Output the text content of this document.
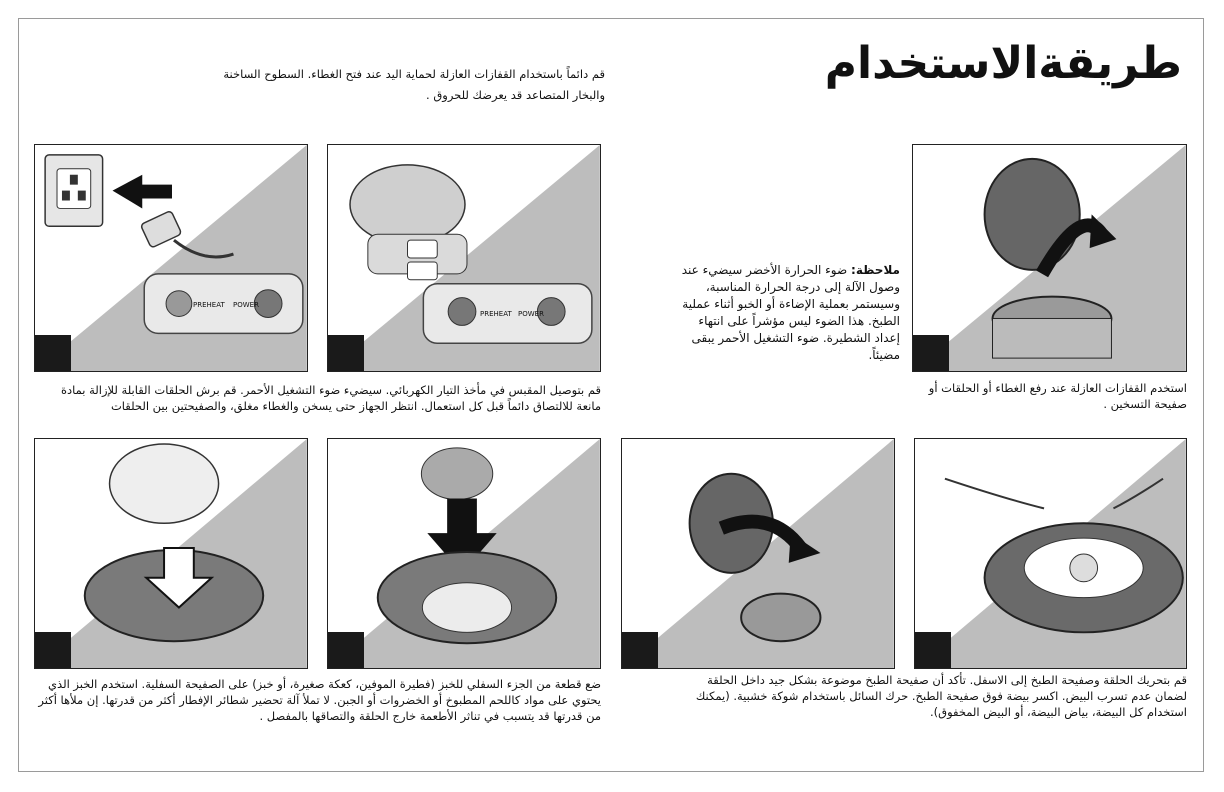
طريقةالاستخدام
قم دائماً باستخدام القفازات العازلة لحماية اليد عند فتح الغطاء. السطوح الساخنة والبخار المتصاعد قد يعرضك للحروق .
PREHEAT POWER
PREHEAT POWER
ملاحظة: ضوء الحرارة الأخضر سيضيء عند وصول الآلة إلى درجة الحرارة المناسبة، وسيستمر بعملية الإضاءة أو الخبو أثناء عملية الطبخ. هذا الضوء ليس مؤشراً على انتهاء إعداد الشطيرة. ضوء التشغيل الأحمر يبقى مضيئاً.
استخدم القفازات العازلة عند رفع الغطاء أو الحلقات أو صفيحة التسخين .
قم بتوصيل المقبس في مأخذ التيار الكهربائي. سيضيء ضوء التشغيل الأحمر. قم برش الحلقات القابلة للإزالة بمادة مانعة للالتصاق دائماً قبل كل استعمال. انتظر الجهاز حتى يسخن والغطاء مغلق، والصفيحتين بين الحلقات
ضع قطعة من الجزء السفلي للخبز (فطيرة الموفين، كعكة صغيرة، أو خبز) على الصفيحة السفلية. استخدم الخبز الذي يحتوي على مواد كاللحم المطبوخ أو الخضروات أو الجبن. لا تملأ آلة تحضير شطائر الإفطار أكثر من قدرتها. إن ملأها أكثر من قدرتها قد يتسبب في تناثر الأطعمة خارج الحلقة والتصاقها بالمفصل .
قم بتحريك الحلقة وصفيحة الطبخ إلى الاسفل. تأكد أن صفيحة الطبخ موضوعة بشكل جيد داخل الحلقة لضمان عدم تسرب البيض. اكسر بيضة فوق صفيحة الطبخ. حرك السائل باستخدام شوكة خشبية. (يمكنك استخدام كل البيضة، بياض البيضة، أو البيض المخفوق).
